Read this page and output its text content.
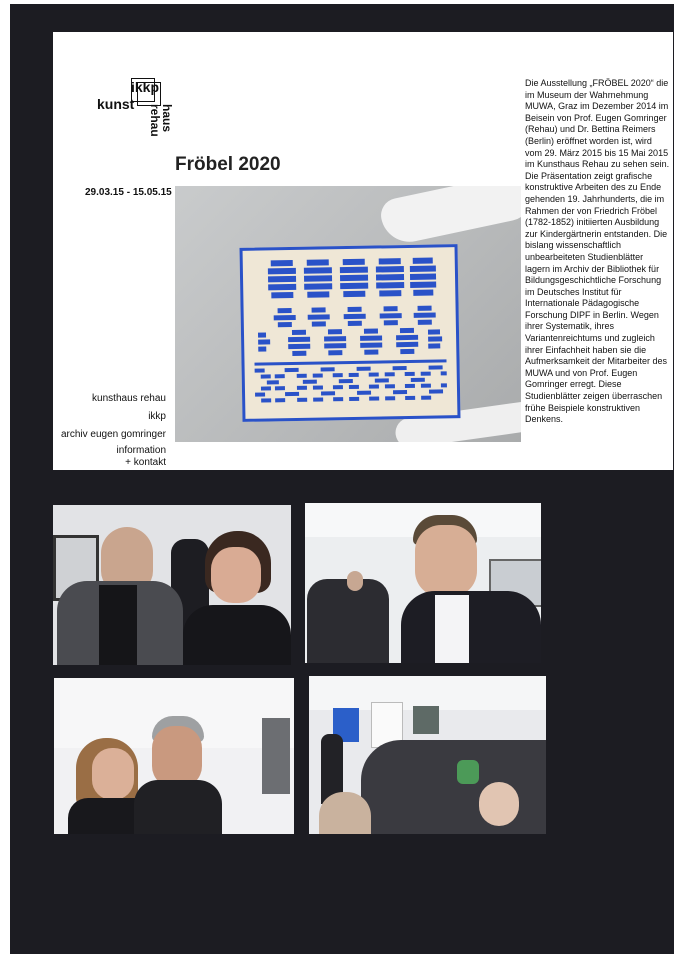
kunst
ikkp
haus rehau
Fröbel 2020
29.03.15 - 15.05.15
kunsthaus rehau
ikkp
archiv eugen gomringer
information
+ kontakt

Die Ausstellung „FRÖBEL 2020“ die im Museum der Wahrnehmung MUWA, Graz im Dezember 2014 im Beisein von Prof. Eugen Gomringer (Rehau) und Dr. Bettina Reimers (Berlin) eröffnet worden ist, wird vom 29. März 2015 bis 15 Mai 2015 im Kunsthaus Rehau zu sehen sein.

Die Präsentation zeigt grafische konstruktive Arbeiten des zu Ende gehenden 19. Jahrhunderts, die im Rahmen der von Friedrich Fröbel (1782-1852) initiierten Ausbildung zur Kindergärtnerin entstanden. Die bislang wissenschaftlich unbearbeiteten Studienblätter lagern im Archiv der Bibliothek für Bildungsgeschichtliche Forschung im Deutsches Institut für Internationale Pädagogische Forschung DIPF in Berlin. Wegen ihrer Systematik, ihres Variantenreichtums und zugleich ihrer Einfachheit haben sie die Aufmerksamkeit der Mitarbeiter des MUWA und von Prof. Eugen Gomringer erregt. Diese Studienblätter zeigen überraschen frühe Beispiele konstruktiven Denkens.
